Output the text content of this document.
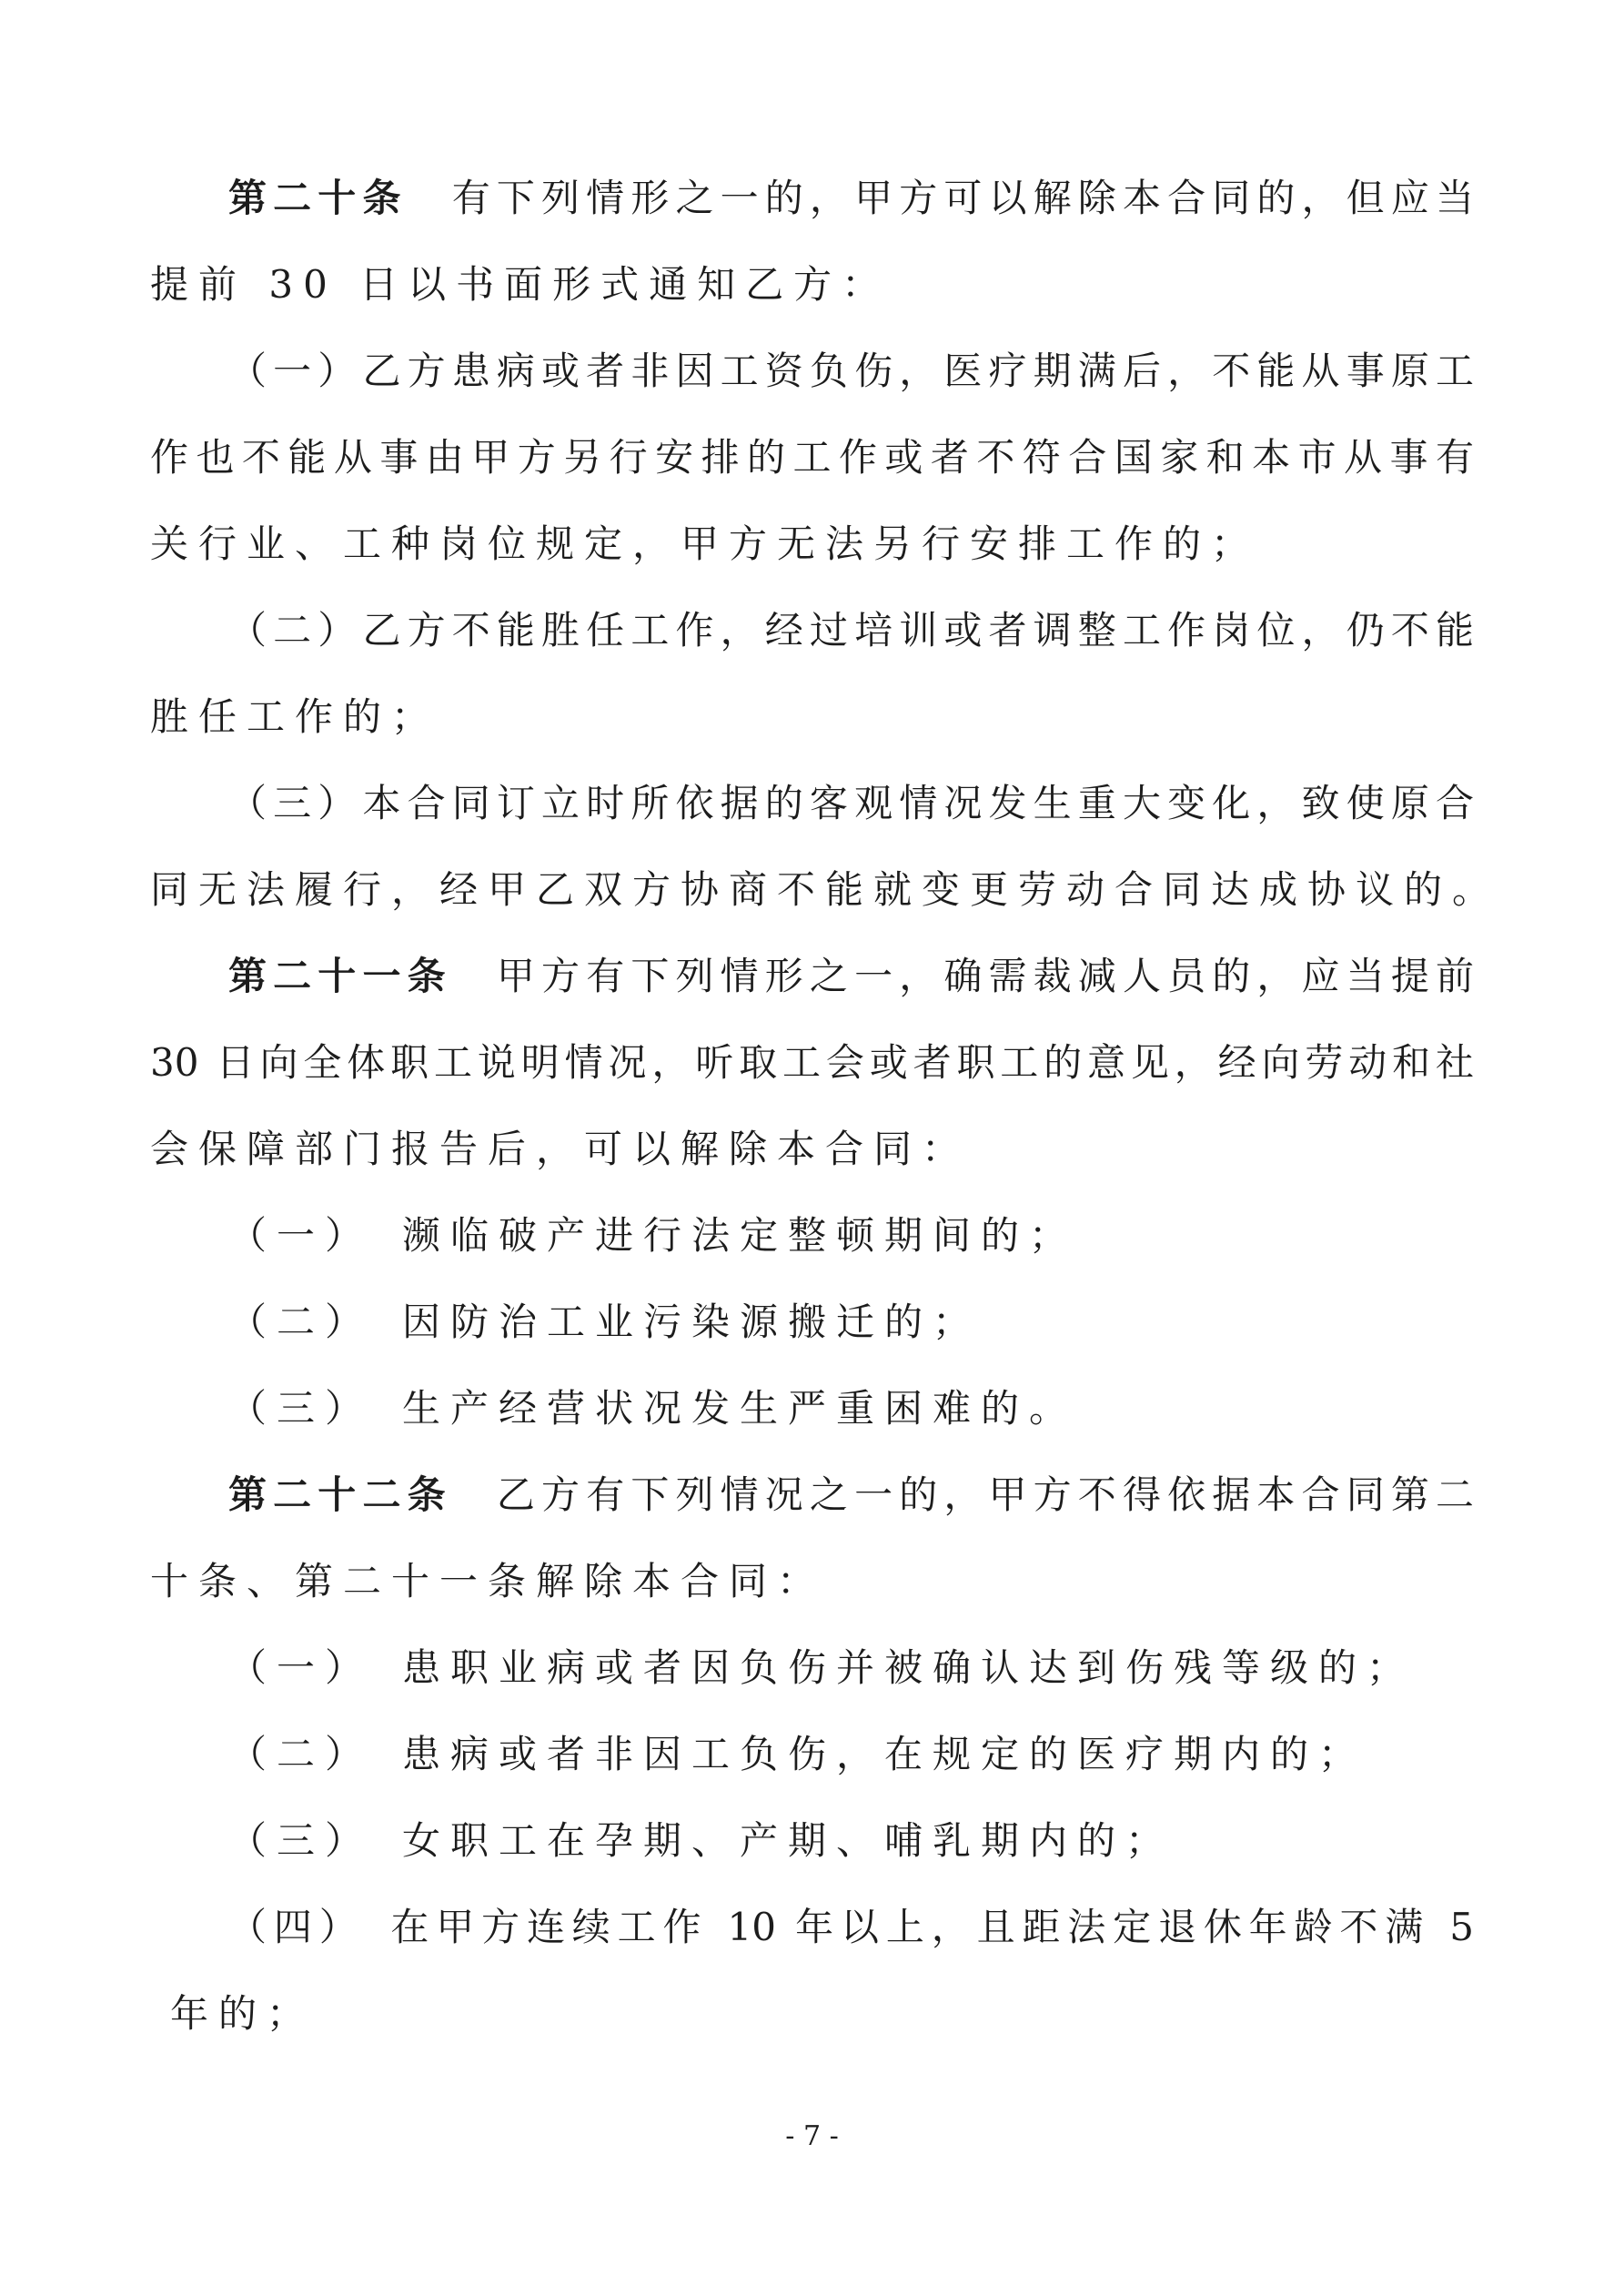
第二十条　有下列情形之一的，甲方可以解除本合同的，但应当
提前 30 日以书面形式通知乙方：
（一）乙方患病或者非因工资负伤，医疗期满后，不能从事原工
作也不能从事由甲方另行安排的工作或者不符合国家和本市从事有
关行业、工种岗位规定，甲方无法另行安排工作的；
（二）乙方不能胜任工作，经过培训或者调整工作岗位，仍不能
胜任工作的；
（三）本合同订立时所依据的客观情况发生重大变化，致使原合
同无法履行，经甲乙双方协商不能就变更劳动合同达成协议的。
第二十一条　甲方有下列情形之一，确需裁减人员的，应当提前
30 日向全体职工说明情况，听取工会或者职工的意见，经向劳动和社
会保障部门报告后，可以解除本合同：
（一）　濒临破产进行法定整顿期间的；
（二）　因防治工业污染源搬迁的；
（三）　生产经营状况发生严重困难的。
第二十二条　乙方有下列情况之一的，甲方不得依据本合同第二
十条、第二十一条解除本合同：
（一）　患职业病或者因负伤并被确认达到伤残等级的；
（二）　患病或者非因工负伤，在规定的医疗期内的；
（三）　女职工在孕期、产期、哺乳期内的；
（四）　在甲方连续工作 10 年以上，且距法定退休年龄不满 5
年的；
- 7 -
